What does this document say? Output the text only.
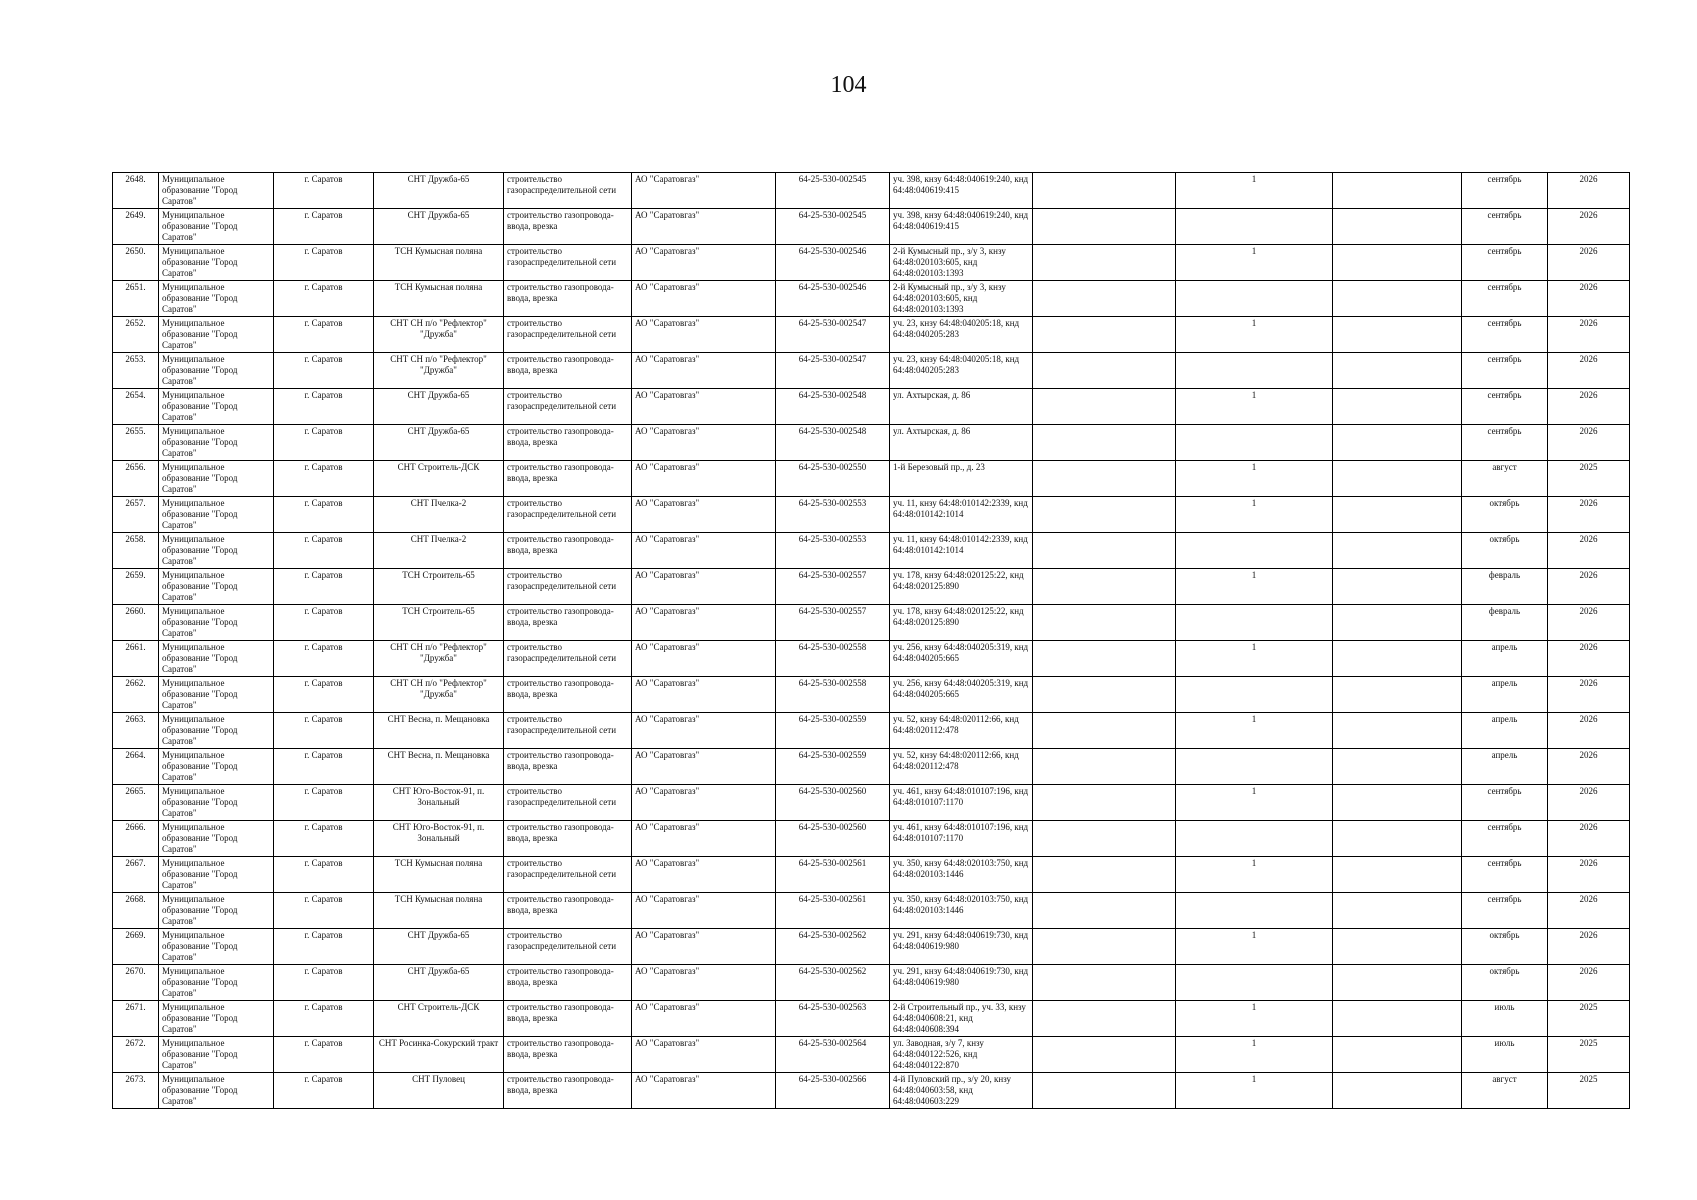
104
2648.	Муниципальное образование "Город Саратов"	г. Саратов	СНТ Дружба-65	строительство газораспределительной сети	АО "Саратовгаз"	64-25-530-002545	уч. 398, кнзу 64:48:040619:240, кнд 64:48:040619:415		1		сентябрь	2026
2649.	Муниципальное образование "Город Саратов"	г. Саратов	СНТ Дружба-65	строительство газопровода-ввода, врезка	АО "Саратовгаз"	64-25-530-002545	уч. 398, кнзу 64:48:040619:240, кнд 64:48:040619:415				сентябрь	2026
2650.	Муниципальное образование "Город Саратов"	г. Саратов	ТСН Кумысная поляна	строительство газораспределительной сети	АО "Саратовгаз"	64-25-530-002546	2-й Кумысный пр., з/у 3, кнзу 64:48:020103:605, кнд 64:48:020103:1393		1		сентябрь	2026
2651.	Муниципальное образование "Город Саратов"	г. Саратов	ТСН Кумысная поляна	строительство газопровода-ввода, врезка	АО "Саратовгаз"	64-25-530-002546	2-й Кумысный пр., з/у 3, кнзу 64:48:020103:605, кнд 64:48:020103:1393				сентябрь	2026
2652.	Муниципальное образование "Город Саратов"	г. Саратов	СНТ СН п/о "Рефлектор" "Дружба"	строительство газораспределительной сети	АО "Саратовгаз"	64-25-530-002547	уч. 23, кнзу 64:48:040205:18, кнд 64:48:040205:283		1		сентябрь	2026
2653.	Муниципальное образование "Город Саратов"	г. Саратов	СНТ СН п/о "Рефлектор" "Дружба"	строительство газопровода-ввода, врезка	АО "Саратовгаз"	64-25-530-002547	уч. 23, кнзу 64:48:040205:18, кнд 64:48:040205:283				сентябрь	2026
2654.	Муниципальное образование "Город Саратов"	г. Саратов	СНТ Дружба-65	строительство газораспределительной сети	АО "Саратовгаз"	64-25-530-002548	ул. Ахтырская, д. 86		1		сентябрь	2026
2655.	Муниципальное образование "Город Саратов"	г. Саратов	СНТ Дружба-65	строительство газопровода-ввода, врезка	АО "Саратовгаз"	64-25-530-002548	ул. Ахтырская, д. 86				сентябрь	2026
2656.	Муниципальное образование "Город Саратов"	г. Саратов	СНТ Строитель-ДСК	строительство газопровода-ввода, врезка	АО "Саратовгаз"	64-25-530-002550	1-й Березовый пр., д. 23		1		август	2025
2657.	Муниципальное образование "Город Саратов"	г. Саратов	СНТ Пчелка-2	строительство газораспределительной сети	АО "Саратовгаз"	64-25-530-002553	уч. 11, кнзу 64:48:010142:2339, кнд 64:48:010142:1014		1		октябрь	2026
2658.	Муниципальное образование "Город Саратов"	г. Саратов	СНТ Пчелка-2	строительство газопровода-ввода, врезка	АО "Саратовгаз"	64-25-530-002553	уч. 11, кнзу 64:48:010142:2339, кнд 64:48:010142:1014				октябрь	2026
2659.	Муниципальное образование "Город Саратов"	г. Саратов	ТСН Строитель-65	строительство газораспределительной сети	АО "Саратовгаз"	64-25-530-002557	уч. 178, кнзу 64:48:020125:22, кнд 64:48:020125:890		1		февраль	2026
2660.	Муниципальное образование "Город Саратов"	г. Саратов	ТСН Строитель-65	строительство газопровода-ввода, врезка	АО "Саратовгаз"	64-25-530-002557	уч. 178, кнзу 64:48:020125:22, кнд 64:48:020125:890				февраль	2026
2661.	Муниципальное образование "Город Саратов"	г. Саратов	СНТ СН п/о "Рефлектор" "Дружба"	строительство газораспределительной сети	АО "Саратовгаз"	64-25-530-002558	уч. 256, кнзу 64:48:040205:319, кнд 64:48:040205:665		1		апрель	2026
2662.	Муниципальное образование "Город Саратов"	г. Саратов	СНТ СН п/о "Рефлектор" "Дружба"	строительство газопровода-ввода, врезка	АО "Саратовгаз"	64-25-530-002558	уч. 256, кнзу 64:48:040205:319, кнд 64:48:040205:665				апрель	2026
2663.	Муниципальное образование "Город Саратов"	г. Саратов	СНТ Весна, п. Мещановка	строительство газораспределительной сети	АО "Саратовгаз"	64-25-530-002559	уч. 52, кнзу 64:48:020112:66, кнд 64:48:020112:478		1		апрель	2026
2664.	Муниципальное образование "Город Саратов"	г. Саратов	СНТ Весна, п. Мещановка	строительство газопровода-ввода, врезка	АО "Саратовгаз"	64-25-530-002559	уч. 52, кнзу 64:48:020112:66, кнд 64:48:020112:478				апрель	2026
2665.	Муниципальное образование "Город Саратов"	г. Саратов	СНТ Юго-Восток-91, п. Зональный	строительство газораспределительной сети	АО "Саратовгаз"	64-25-530-002560	уч. 461, кнзу 64:48:010107:196, кнд 64:48:010107:1170		1		сентябрь	2026
2666.	Муниципальное образование "Город Саратов"	г. Саратов	СНТ Юго-Восток-91, п. Зональный	строительство газопровода-ввода, врезка	АО "Саратовгаз"	64-25-530-002560	уч. 461, кнзу 64:48:010107:196, кнд 64:48:010107:1170				сентябрь	2026
2667.	Муниципальное образование "Город Саратов"	г. Саратов	ТСН Кумысная поляна	строительство газораспределительной сети	АО "Саратовгаз"	64-25-530-002561	уч. 350, кнзу 64:48:020103:750, кнд 64:48:020103:1446		1		сентябрь	2026
2668.	Муниципальное образование "Город Саратов"	г. Саратов	ТСН Кумысная поляна	строительство газопровода-ввода, врезка	АО "Саратовгаз"	64-25-530-002561	уч. 350, кнзу 64:48:020103:750, кнд 64:48:020103:1446				сентябрь	2026
2669.	Муниципальное образование "Город Саратов"	г. Саратов	СНТ Дружба-65	строительство газораспределительной сети	АО "Саратовгаз"	64-25-530-002562	уч. 291, кнзу 64:48:040619:730, кнд 64:48:040619:980		1		октябрь	2026
2670.	Муниципальное образование "Город Саратов"	г. Саратов	СНТ Дружба-65	строительство газопровода-ввода, врезка	АО "Саратовгаз"	64-25-530-002562	уч. 291, кнзу 64:48:040619:730, кнд 64:48:040619:980				октябрь	2026
2671.	Муниципальное образование "Город Саратов"	г. Саратов	СНТ Строитель-ДСК	строительство газопровода-ввода, врезка	АО "Саратовгаз"	64-25-530-002563	2-й Строительный пр., уч. 33, кнзу 64:48:040608:21, кнд 64:48:040608:394		1		июль	2025
2672.	Муниципальное образование "Город Саратов"	г. Саратов	СНТ Росинка-Сокурский тракт	строительство газопровода-ввода, врезка	АО "Саратовгаз"	64-25-530-002564	ул. Заводная, з/у 7, кнзу 64:48:040122:526, кнд 64:48:040122:870		1		июль	2025
2673.	Муниципальное образование "Город Саратов"	г. Саратов	СНТ Пуловец	строительство газопровода-ввода, врезка	АО "Саратовгаз"	64-25-530-002566	4-й Пуловский пр., з/у 20, кнзу 64:48:040603:58, кнд 64:48:040603:229		1		август	2025
